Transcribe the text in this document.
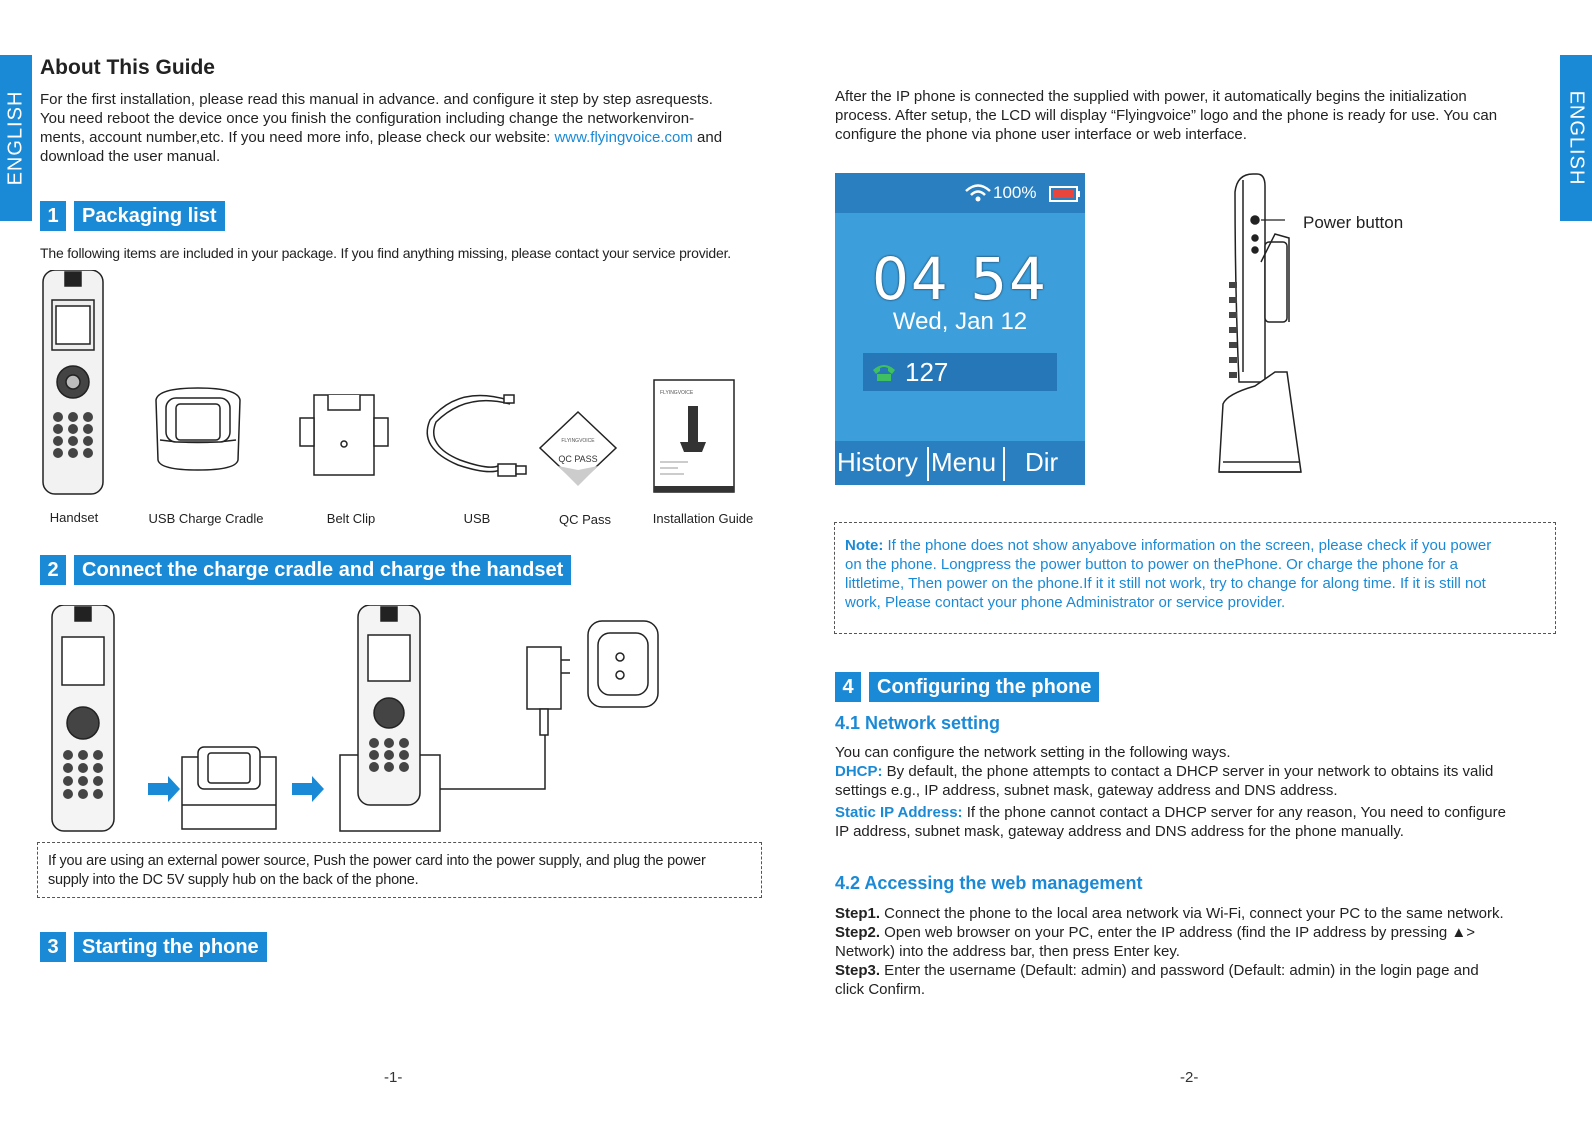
ENGLISH
About This Guide
For the first installation, please read this manual in advance. and configure it step by step asrequests.
You need reboot the device once you finish the configuration including change the networkenviron-
ments, account number,etc. If you need more info, please check our website: www.flyingvoice.com and
download the user manual.
1	Packaging list
The following items are included in your package. If you find anything missing, please contact your service provider.
FLYINGVOICE
QC PASS
FLYINGVOICE
Handset	USB Charge Cradle	Belt Clip	USB	QC Pass	Installation Guide
2	Connect the charge cradle and charge the handset
If you are using an external power source, Push the power card into the power supply, and plug the power
supply into the DC 5V supply hub on the back of the phone.
3	Starting the phone
-1-
ENGLISH
After the IP phone is connected the supplied with power, it automatically begins the initialization
process. After setup, the LCD will display “Flyingvoice” logo and the phone is ready for use. You can
configure the phone via phone user interface or web interface.
100%
04 54
Wed, Jan 12
127
History Menu Dir
Power button
Note: If the phone does not show anyabove information on the screen, please check if you power
on the phone. Longpress the power button to power on thePhone. Or charge the phone for a
littletime, Then power on the phone.If it it still not work, try to change for along time. If it is still not
work, Please contact your phone Administrator or service provider.
4	Configuring the phone
4.1 Network setting
You can configure the network setting in the following ways.
DHCP: By default, the phone attempts to contact a DHCP server in your network to obtains its valid
settings e.g., IP address, subnet mask, gateway address and DNS address.
Static IP Address: If the phone cannot contact a DHCP server for any reason, You need to configure
IP address, subnet mask, gateway address and DNS address for the phone manually.
4.2 Accessing the web management
Step1. Connect the phone to the local area network via Wi-Fi, connect your PC to the same network.
Step2. Open web browser on your PC, enter the IP address (find the IP address by pressing ▲>
Network) into the address bar, then press Enter key.
Step3. Enter the username (Default: admin) and password (Default: admin) in the login page and
click Confirm.
-2-
